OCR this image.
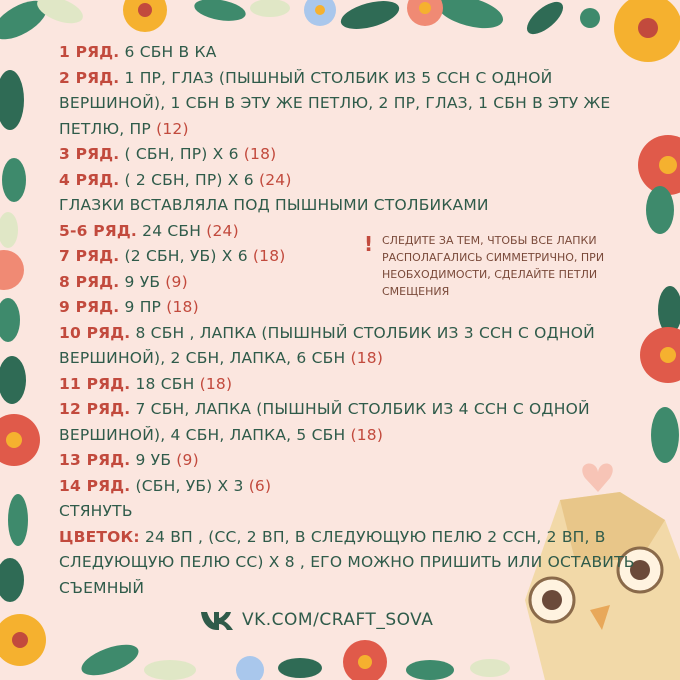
1 РЯД. 6 СБН В КА
2 РЯД. 1 ПР, ГЛАЗ (ПЫШНЫЙ СТОЛБИК ИЗ 5 ССН С ОДНОЙ
ВЕРШИНОЙ), 1 СБН В ЭТУ ЖЕ ПЕТЛЮ, 2 ПР, ГЛАЗ, 1 СБН В ЭТУ ЖЕ
ПЕТЛЮ, ПР (12)
3 РЯД. ( СБН, ПР) Х 6 (18)
4 РЯД. ( 2 СБН, ПР) Х 6 (24)
ГЛАЗКИ ВСТАВЛЯЛА ПОД ПЫШНЫМИ СТОЛБИКАМИ
5-6 РЯД. 24 СБН (24)
7 РЯД. (2 СБН, УБ) Х 6 (18)
8 РЯД. 9 УБ (9)
9 РЯД. 9 ПР (18)
10 РЯД. 8 СБН , ЛАПКА (ПЫШНЫЙ СТОЛБИК ИЗ 3 ССН С ОДНОЙ
ВЕРШИНОЙ), 2 СБН, ЛАПКА, 6 СБН (18)
11 РЯД. 18 СБН (18)
12 РЯД. 7 СБН, ЛАПКА (ПЫШНЫЙ СТОЛБИК ИЗ 4 ССН С ОДНОЙ
ВЕРШИНОЙ), 4 СБН, ЛАПКА, 5 СБН (18)
13 РЯД. 9 УБ (9)
14 РЯД. (СБН, УБ) Х 3 (6)
СТЯНУТЬ
ЦВЕТОК: 24 ВП , (СС, 2 ВП, В СЛЕДУЮЩУЮ ПЕЛЮ 2 ССН, 2 ВП, В
СЛЕДУЮЩУЮ ПЕЛЮ СС) Х 8 , ЕГО МОЖНО ПРИШИТЬ ИЛИ ОСТАВИТЬ
СЪЕМНЫЙ
! СЛЕДИТЕ ЗА ТЕМ, ЧТОБЫ ВСЕ ЛАПКИ
РАСПОЛАГАЛИСЬ СИММЕТРИЧНО, ПРИ
НЕОБХОДИМОСТИ, СДЕЛАЙТЕ ПЕТЛИ
СМЕЩЕНИЯ
VK.COM/CRAFT_SOVA
